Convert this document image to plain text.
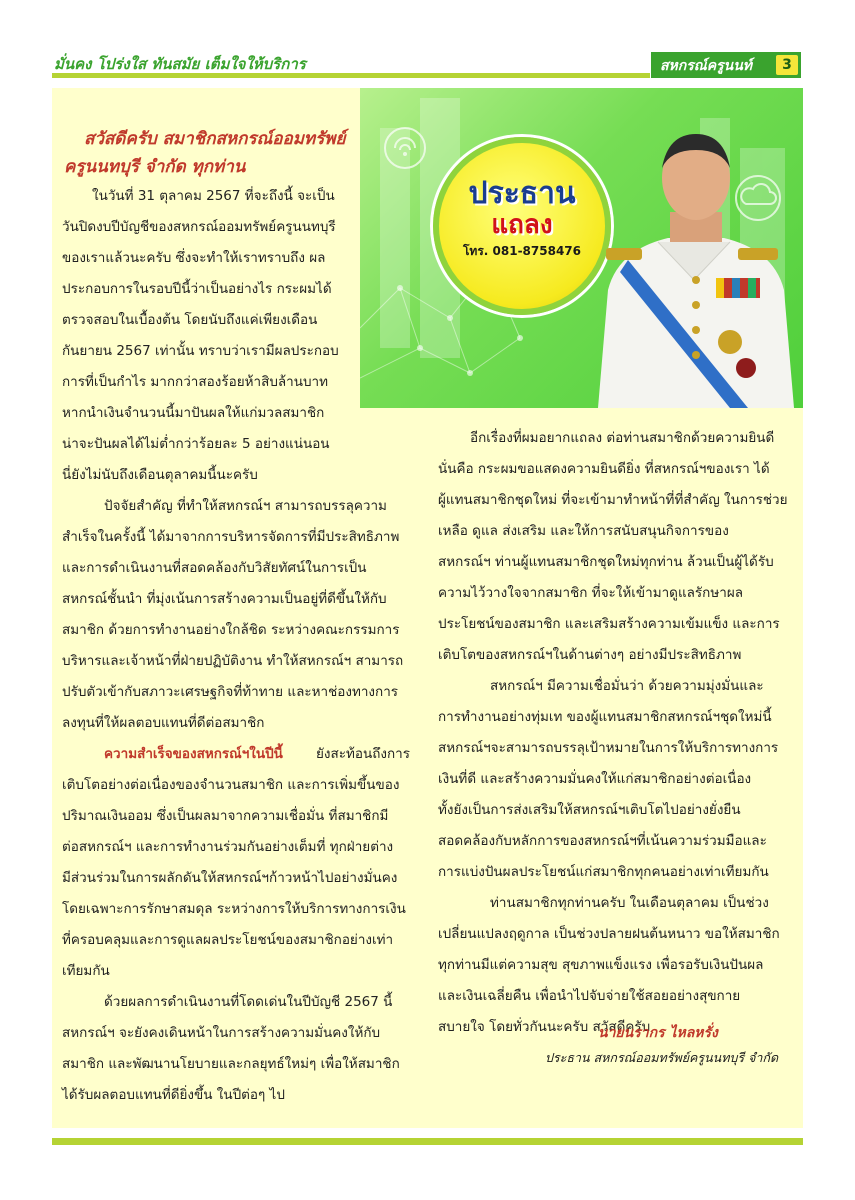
มั่นคง โปร่งใส ทันสมัย เต็มใจให้บริการ	สหกรณ์ครูนนท์	3
ประธาน
แถลง
โทร. 081-8758476
สวัสดีครับ สมาชิกสหกรณ์ออมทรัพย์
ครูนนทบุรี จำกัด ทุกท่าน
ในวันที่ 31 ตุลาคม 2567 ที่จะถึงนี้ จะเป็น
วันปิดงบปีบัญชีของสหกรณ์ออมทรัพย์ครูนนทบุรี
ของเราแล้วนะครับ ซึ่งจะทำให้เราทราบถึง ผล
ประกอบการในรอบปีนี้ว่าเป็นอย่างไร กระผมได้
ตรวจสอบในเบื้องต้น โดยนับถึงแค่เพียงเดือน
กันยายน 2567 เท่านั้น ทราบว่าเรามีผลประกอบ
การที่เป็นกำไร มากกว่าสองร้อยห้าสิบล้านบาท
หากนำเงินจำนวนนี้มาปันผลให้แก่มวลสมาชิก
น่าจะปันผลได้ไม่ต่ำกว่าร้อยละ 5 อย่างแน่นอน
นี่ยังไม่นับถึงเดือนตุลาคมนี้นะครับ
ปัจจัยสำคัญ ที่ทำให้สหกรณ์ฯ สามารถบรรลุความ
สำเร็จในครั้งนี้ ได้มาจากการบริหารจัดการที่มีประสิทธิภาพ
และการดำเนินงานที่สอดคล้องกับวิสัยทัศน์ในการเป็น
สหกรณ์ชั้นนำ ที่มุ่งเน้นการสร้างความเป็นอยู่ที่ดีขึ้นให้กับ
สมาชิก ด้วยการทำงานอย่างใกล้ชิด ระหว่างคณะกรรมการ
บริหารและเจ้าหน้าที่ฝ่ายปฏิบัติงาน ทำให้สหกรณ์ฯ สามารถ
ปรับตัวเข้ากับสภาวะเศรษฐกิจที่ท้าทาย และหาช่องทางการ
ลงทุนที่ให้ผลตอบแทนที่ดีต่อสมาชิก
ความสำเร็จของสหกรณ์ฯในปีนี้ ยังสะท้อนถึงการ
เติบโตอย่างต่อเนื่องของจำนวนสมาชิก และการเพิ่มขึ้นของ
ปริมาณเงินออม ซึ่งเป็นผลมาจากความเชื่อมั่น ที่สมาชิกมี
ต่อสหกรณ์ฯ และการทำงานร่วมกันอย่างเต็มที่ ทุกฝ่ายต่าง
มีส่วนร่วมในการผลักดันให้สหกรณ์ฯก้าวหน้าไปอย่างมั่นคง
โดยเฉพาะการรักษาสมดุล ระหว่างการให้บริการทางการเงิน
ที่ครอบคลุมและการดูแลผลประโยชน์ของสมาชิกอย่างเท่า
เทียมกัน
ด้วยผลการดำเนินงานที่โดดเด่นในปีบัญชี 2567 นี้
สหกรณ์ฯ จะยังคงเดินหน้าในการสร้างความมั่นคงให้กับ
สมาชิก และพัฒนานโยบายและกลยุทธ์ใหม่ๆ เพื่อให้สมาชิก
ได้รับผลตอบแทนที่ดียิ่งขึ้น ในปีต่อๆ ไป
อีกเรื่องที่ผมอยากแถลง ต่อท่านสมาชิกด้วยความยินดี
นั่นคือ กระผมขอแสดงความยินดียิ่ง ที่สหกรณ์ฯของเรา ได้
ผู้แทนสมาชิกชุดใหม่ ที่จะเข้ามาทำหน้าที่ที่สำคัญ ในการช่วย
เหลือ ดูแล ส่งเสริม และให้การสนับสนุนกิจการของ
สหกรณ์ฯ ท่านผู้แทนสมาชิกชุดใหม่ทุกท่าน ล้วนเป็นผู้ได้รับ
ความไว้วางใจจากสมาชิก ที่จะให้เข้ามาดูแลรักษาผล
ประโยชน์ของสมาชิก และเสริมสร้างความเข้มแข็ง และการ
เติบโตของสหกรณ์ฯในด้านต่างๆ อย่างมีประสิทธิภาพ
สหกรณ์ฯ มีความเชื่อมั่นว่า ด้วยความมุ่งมั่นและ
การทำงานอย่างทุ่มเท ของผู้แทนสมาชิกสหกรณ์ฯชุดใหม่นี้
สหกรณ์ฯจะสามารถบรรลุเป้าหมายในการให้บริการทางการ
เงินที่ดี และสร้างความมั่นคงให้แก่สมาชิกอย่างต่อเนื่อง
ทั้งยังเป็นการส่งเสริมให้สหกรณ์ฯเติบโตไปอย่างยั่งยืน
สอดคล้องกับหลักการของสหกรณ์ฯที่เน้นความร่วมมือและ
การแบ่งปันผลประโยชน์แก่สมาชิกทุกคนอย่างเท่าเทียมกัน
ท่านสมาชิกทุกท่านครับ ในเดือนตุลาคม เป็นช่วง
เปลี่ยนแปลงฤดูกาล เป็นช่วงปลายฝนต้นหนาว ขอให้สมาชิก
ทุกท่านมีแต่ความสุข สุขภาพแข็งแรง เพื่อรอรับเงินปันผล
และเงินเฉลี่ยคืน เพื่อนำไปจับจ่ายใช้สอยอย่างสุขกาย
สบายใจ โดยทั่วกันนะครับ สวัสดีครับ
นายนรากร ไหลหรั่ง
ประธาน สหกรณ์ออมทรัพย์ครูนนทบุรี จำกัด
